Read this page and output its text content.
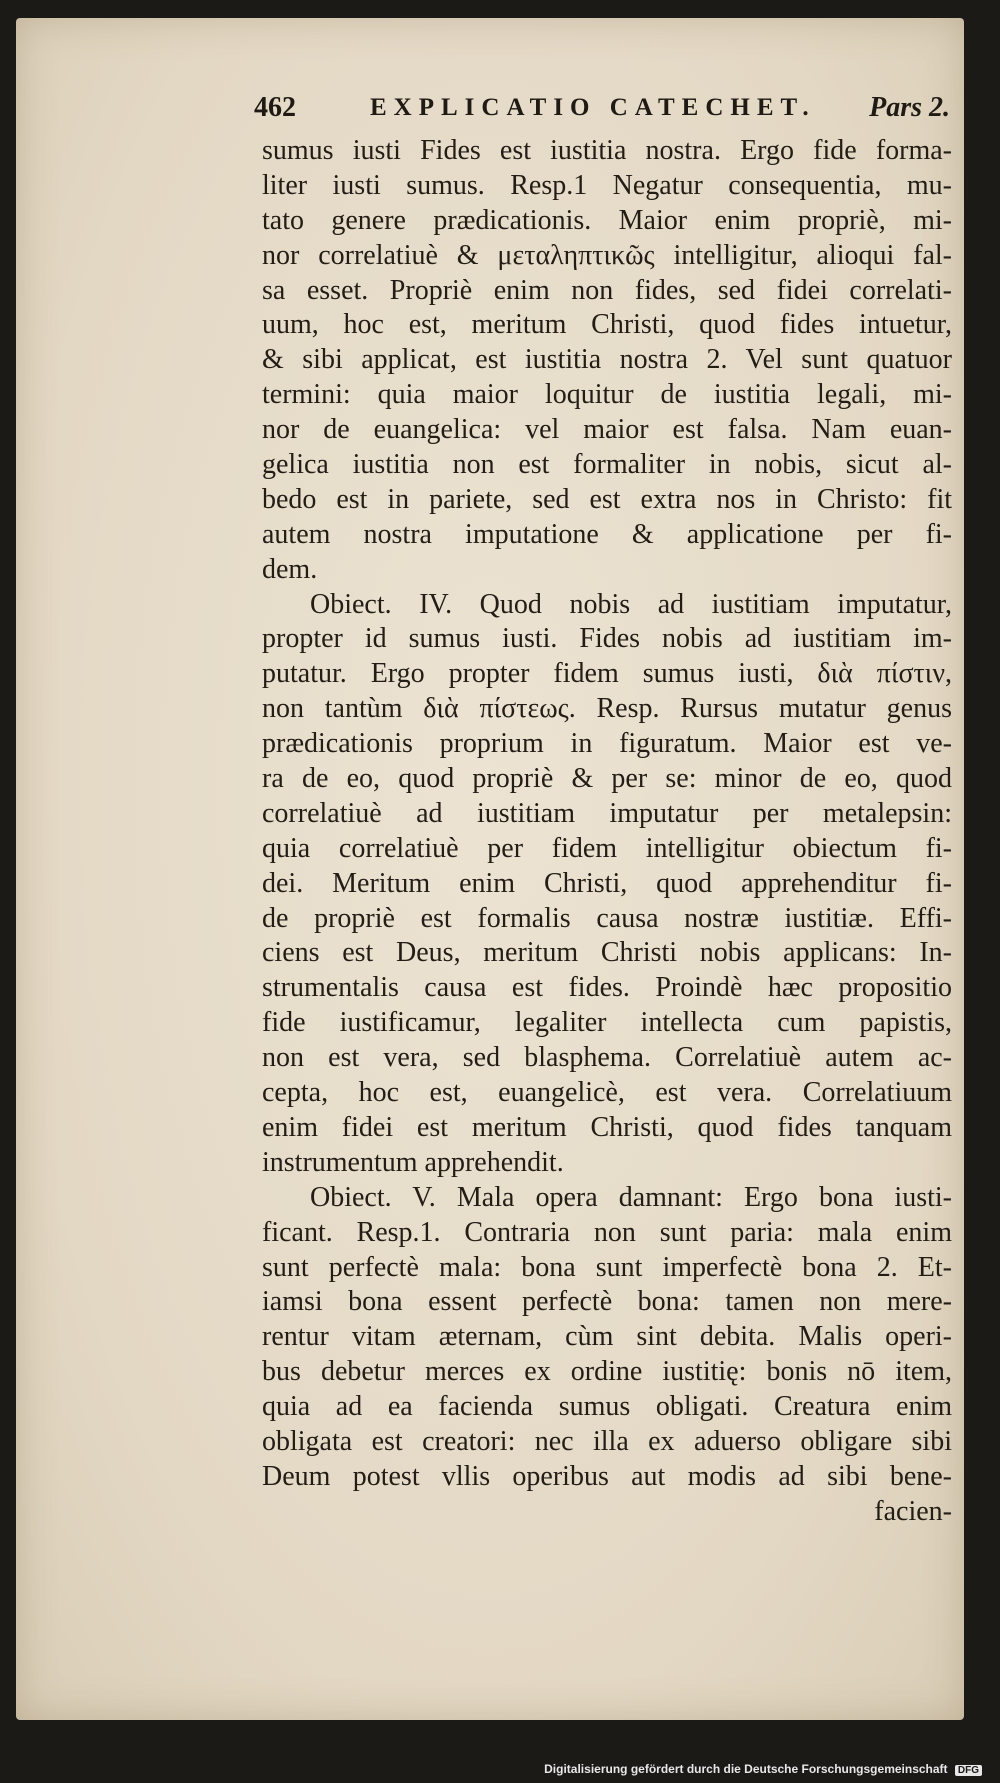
462	EXPLICATIO CATECHET. Pars 2.
sumus iusti Fides est iustitia nostra. Ergo fide forma-
liter iusti sumus. Resp.1 Negatur consequentia, mu-
tato genere prædicationis. Maior enim propriè, mi-
nor correlatiuè & μεταληπτικῶς intelligitur, alioqui fal-
sa esset. Propriè enim non fides, sed fidei correlati-
uum, hoc est, meritum Christi, quod fides intuetur,
& sibi applicat, est iustitia nostra 2. Vel sunt quatuor
termini: quia maior loquitur de iustitia legali, mi-
nor de euangelica: vel maior est falsa. Nam euan-
gelica iustitia non est formaliter in nobis, sicut al-
bedo est in pariete, sed est extra nos in Christo: fit
autem nostra imputatione & applicatione per fi-
dem.
Obiect. IV. Quod nobis ad iustitiam imputatur,
propter id sumus iusti. Fides nobis ad iustitiam im-
putatur. Ergo propter fidem sumus iusti, διὰ πίστιν,
non tantùm διὰ πίστεως. Resp. Rursus mutatur genus
prædicationis proprium in figuratum. Maior est ve-
ra de eo, quod propriè & per se: minor de eo, quod
correlatiuè ad iustitiam imputatur per metalepsin:
quia correlatiuè per fidem intelligitur obiectum fi-
dei. Meritum enim Christi, quod apprehenditur fi-
de propriè est formalis causa nostræ iustitiæ. Effi-
ciens est Deus, meritum Christi nobis applicans: In-
strumentalis causa est fides. Proindè hæc propositio
fide iustificamur, legaliter intellecta cum papistis,
non est vera, sed blasphema. Correlatiuè autem ac-
cepta, hoc est, euangelicè, est vera. Correlatiuum
enim fidei est meritum Christi, quod fides tanquam
instrumentum apprehendit.
Obiect. V. Mala opera damnant: Ergo bona iusti-
ficant. Resp.1. Contraria non sunt paria: mala enim
sunt perfectè mala: bona sunt imperfectè bona 2. Et-
iamsi bona essent perfectè bona: tamen non mere-
rentur vitam æternam, cùm sint debita. Malis operi-
bus debetur merces ex ordine iustitię: bonis nō item,
quia ad ea facienda sumus obligati. Creatura enim
obligata est creatori: nec illa ex aduerso obligare sibi
Deum potest vllis operibus aut modis ad sibi bene-
facien-
Digitalisierung gefördert durch die Deutsche Forschungsgemeinschaft DFG
